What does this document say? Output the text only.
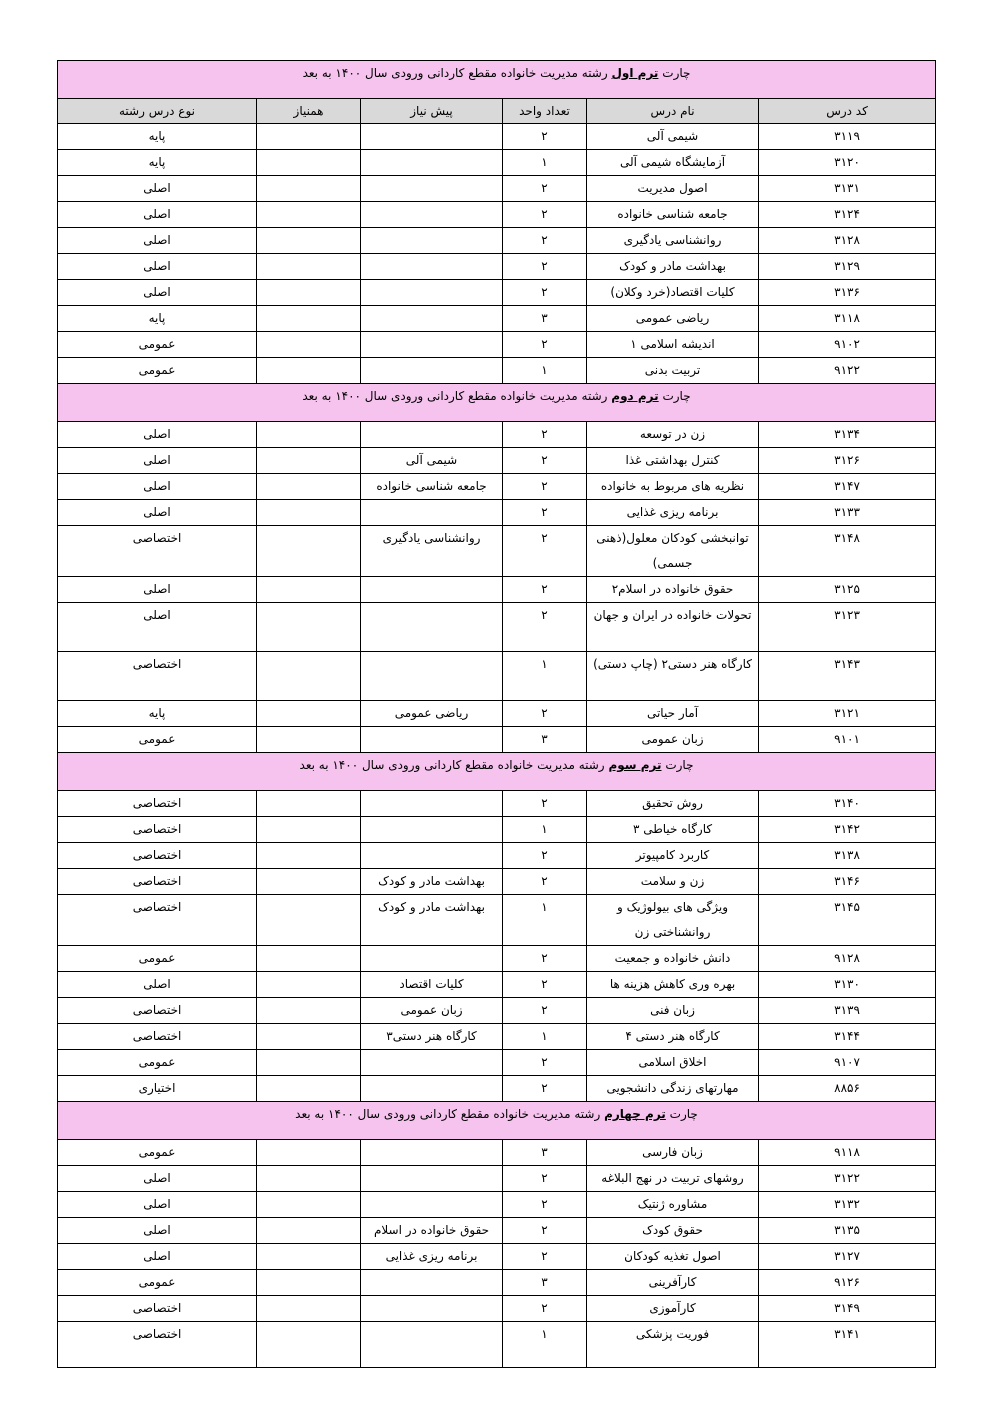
چارت ترم اول رشته مدیریت خانواده مقطع کاردانی ورودی سال ۱۴۰۰ به بعد					
کد درس	نام درس	تعداد واحد	پیش نیاز	همنیاز	نوع درس رشته
۳۱۱۹	شیمی آلی	۲			پایه
۳۱۲۰	آزمایشگاه شیمی آلی	۱			پایه
۳۱۳۱	اصول مدیریت	۲			اصلی
۳۱۲۴	جامعه شناسی خانواده	۲			اصلی
۳۱۲۸	روانشناسی یادگیری	۲			اصلی
۳۱۲۹	بهداشت مادر و کودک	۲			اصلی
۳۱۳۶	کلیات اقتصاد(خرد وکلان)	۲			اصلی
۳۱۱۸	ریاضی عمومی	۳			پایه
۹۱۰۲	اندیشه اسلامی ۱	۲			عمومی
۹۱۲۲	تربیت بدنی	۱			عمومی
چارت ترم دوم رشته مدیریت خانواده مقطع کاردانی ورودی سال ۱۴۰۰ به بعد					
۳۱۳۴	زن در توسعه	۲			اصلی
۳۱۲۶	کنترل بهداشتی غذا	۲	شیمی آلی		اصلی
۳۱۴۷	نظریه های مربوط به خانواده	۲	جامعه شناسی خانواده		اصلی
۳۱۳۳	برنامه ریزی غذایی	۲			اصلی
۳۱۴۸	توانبخشی کودکان معلول(ذهنی جسمی)	۲	روانشناسی یادگیری		اختصاصی
۳۱۲۵	حقوق خانواده در اسلام۲	۲			اصلی
۳۱۲۳	تحولات خانواده در ایران و جهان	۲			اصلی
۳۱۴۳	کارگاه هنر دستی۲ (چاپ دستی)	۱			اختصاصی
۳۱۲۱	آمار حیاتی	۲	ریاضی عمومی		پایه
۹۱۰۱	زبان عمومی	۳			عمومی
چارت ترم سوم رشته مدیریت خانواده مقطع کاردانی ورودی سال ۱۴۰۰ به بعد					
۳۱۴۰	روش تحقیق	۲			اختصاصی
۳۱۴۲	کارگاه خیاطی ۳	۱			اختصاصی
۳۱۳۸	کاربرد کامپیوتر	۲			اختصاصی
۳۱۴۶	زن و سلامت	۲	بهداشت مادر و کودک		اختصاصی
۳۱۴۵	ویژگی های بیولوژیک و روانشناختی زن	۱	بهداشت مادر و کودک		اختصاصی
۹۱۲۸	دانش خانواده و جمعیت	۲			عمومی
۳۱۳۰	بهره وری کاهش هزینه ها	۲	کلیات اقتصاد		اصلی
۳۱۳۹	زبان فنی	۲	زبان عمومی		اختصاصی
۳۱۴۴	کارگاه هنر دستی ۴	۱	کارگاه هنر دستی۳		اختصاصی
۹۱۰۷	اخلاق اسلامی	۲			عمومی
۸۸۵۶	مهارتهای زندگی دانشجویی	۲			اختیاری
چارت ترم چهارم رشته مدیریت خانواده مقطع کاردانی ورودی سال ۱۴۰۰ به بعد					
۹۱۱۸	زبان فارسی	۳			عمومی
۳۱۲۲	روشهای تربیت در نهج البلاغه	۲			اصلی
۳۱۳۲	مشاوره ژنتیک	۲			اصلی
۳۱۳۵	حقوق کودک	۲	حقوق خانواده در اسلام		اصلی
۳۱۲۷	اصول تغذیه کودکان	۲	برنامه ریزی غذایی		اصلی
۹۱۲۶	کارآفرینی	۳			عمومی
۳۱۴۹	کارآموزی	۲			اختصاصی
۳۱۴۱	فوریت پزشکی	۱			اختصاصی
